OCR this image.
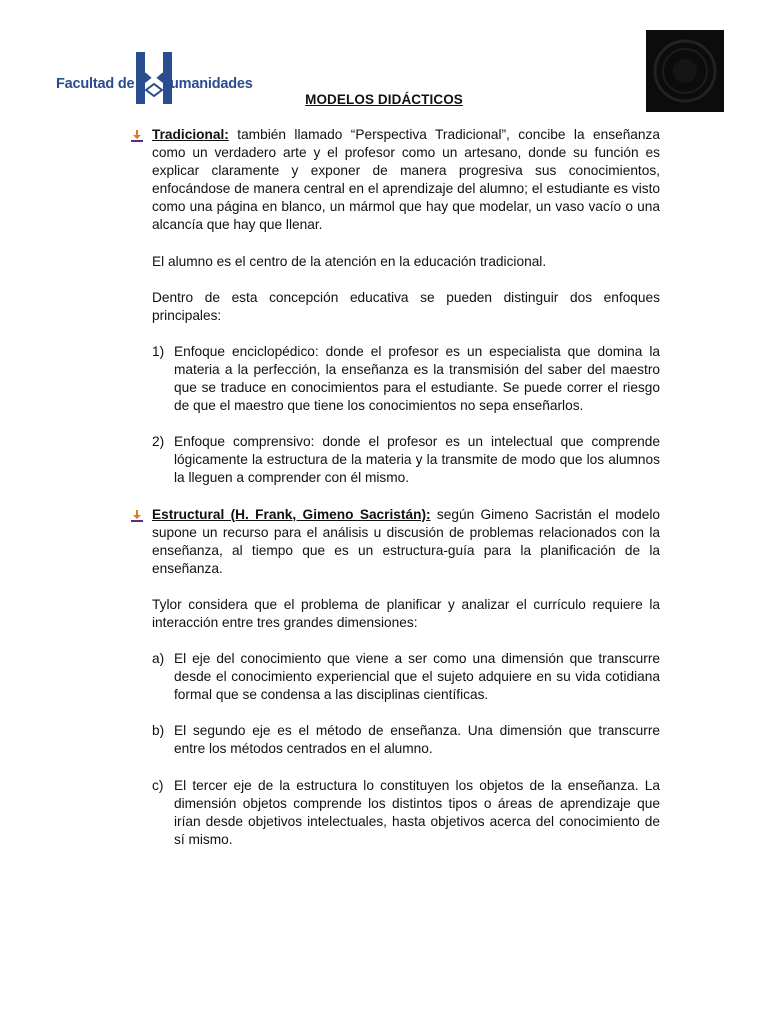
Facultad de umanidades
MODELOS DIDÁCTICOS

Tradicional: también llamado “Perspectiva Tradicional”, concibe la enseñanza como un verdadero arte y el profesor como un artesano, donde su función es explicar claramente y exponer de manera progresiva sus conocimientos, enfocándose de manera central en el aprendizaje del alumno; el estudiante es visto como una página en blanco, un mármol que hay que modelar, un vaso vacío o una alcancía que hay que llenar.

El alumno es el centro de la atención en la educación tradicional.

Dentro de esta concepción educativa se pueden distinguir dos enfoques principales:

1) Enfoque enciclopédico: donde el profesor es un especialista que domina la materia a la perfección, la enseñanza es la transmisión del saber del maestro que se traduce en conocimientos para el estudiante. Se puede correr el riesgo de que el maestro que tiene los conocimientos no sepa enseñarlos.
2) Enfoque comprensivo: donde el profesor es un intelectual que comprende lógicamente la estructura de la materia y la transmite de modo que los alumnos la lleguen a comprender con él mismo.

Estructural (H. Frank, Gimeno Sacristán): según Gimeno Sacristán el modelo supone un recurso para el análisis u discusión de problemas relacionados con la enseñanza, al tiempo que es un estructura-guía para la planificación de la enseñanza.

Tylor considera que el problema de planificar y analizar el currículo requiere la interacción entre tres grandes dimensiones:

a) El eje del conocimiento que viene a ser como una dimensión que transcurre desde el conocimiento experiencial que el sujeto adquiere en su vida cotidiana formal que se condensa a las disciplinas científicas.
b) El segundo eje es el método de enseñanza. Una dimensión que transcurre entre los métodos centrados en el alumno.
c) El tercer eje de la estructura lo constituyen los objetos de la enseñanza. La dimensión objetos comprende los distintos tipos o áreas de aprendizaje que irían desde objetivos intelectuales, hasta objetivos acerca del conocimiento de sí mismo.
